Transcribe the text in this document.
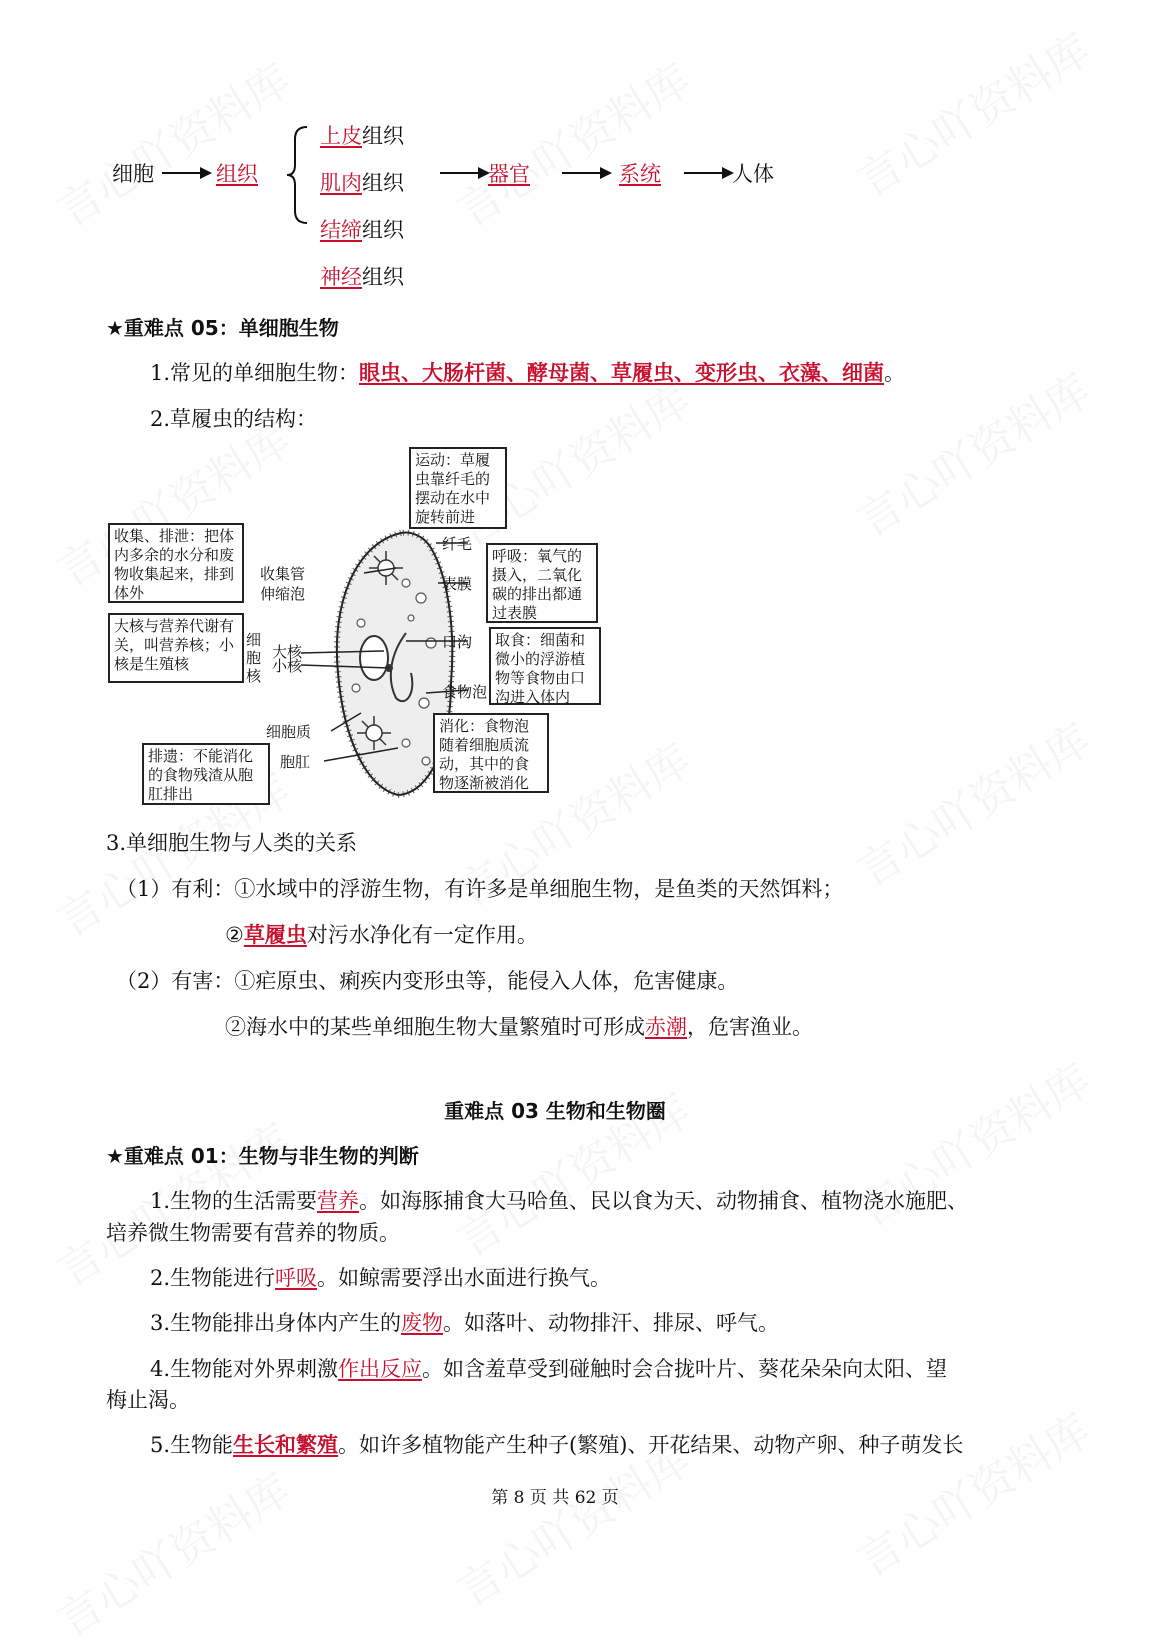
细胞	组织
上皮组织
肌肉组织
结缔组织
神经组织
器官	系统	人体
★重难点 05：单细胞生物
1.常见的单细胞生物：眼虫、大肠杆菌、酵母菌、草履虫、变形虫、衣藻、细菌。
2.草履虫的结构：
运动：草履虫靠纤毛的摆动在水中旋转前进
收集、排泄：把体内多余的水分和废物收集起来，排到体外
呼吸：氧气的摄入，二氧化碳的排出都通过表膜
大核与营养代谢有关，叫营养核；小核是生殖核
取食：细菌和微小的浮游植物等食物由口沟进入体内
消化：食物泡随着细胞质流动，其中的食物逐渐被消化
排遗：不能消化的食物残渣从胞肛排出
纤毛
表膜
收集管
伸缩泡
细胞核
大核
小核
口沟
食物泡
细胞质
胞肛
3.单细胞生物与人类的关系
（1）有利：①水域中的浮游生物，有许多是单细胞生物，是鱼类的天然饵料；
②草履虫对污水净化有一定作用。
（2）有害：①疟原虫、痢疾内变形虫等，能侵入人体，危害健康。
②海水中的某些单细胞生物大量繁殖时可形成赤潮，危害渔业。
重难点 03 生物和生物圈
★重难点 01：生物与非生物的判断
1.生物的生活需要营养。如海豚捕食大马哈鱼、民以食为天、动物捕食、植物浇水施肥、
培养微生物需要有营养的物质。
2.生物能进行呼吸。如鲸需要浮出水面进行换气。
3.生物能排出身体内产生的废物。如落叶、动物排汗、排尿、呼气。
4.生物能对外界刺激作出反应。如含羞草受到碰触时会合拢叶片、葵花朵朵向太阳、望
梅止渴。
5.生物能生长和繁殖。如许多植物能产生种子(繁殖)、开花结果、动物产卵、种子萌发长
第 8 页 共 62 页
